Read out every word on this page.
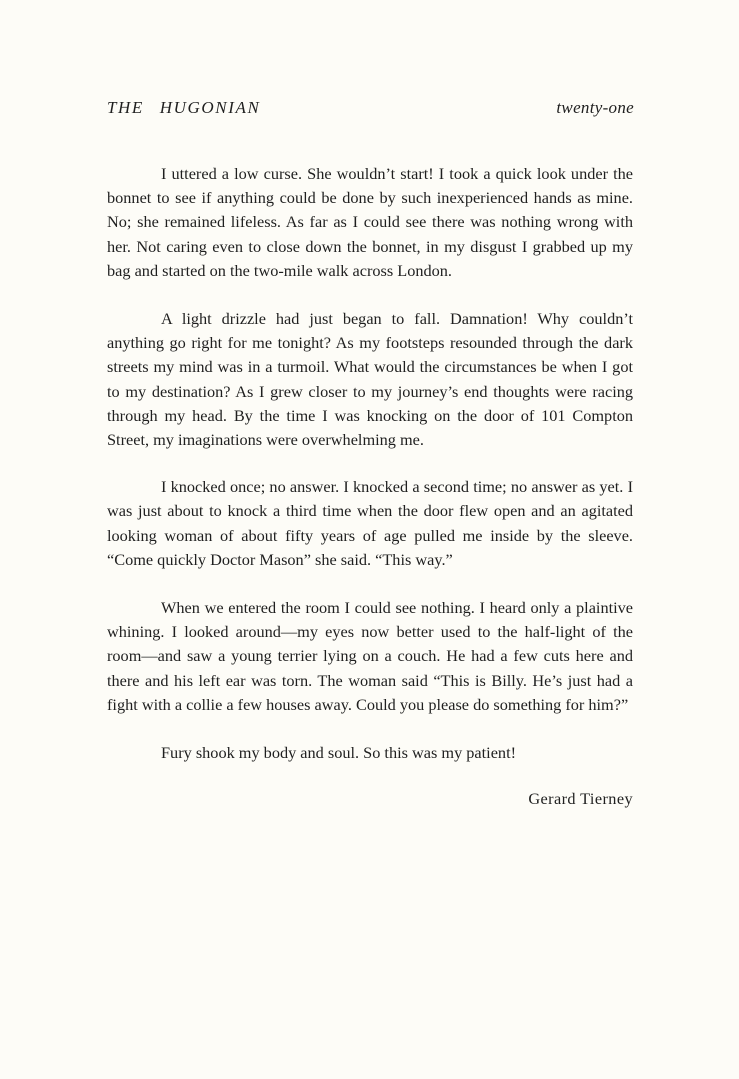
THE HUGONIAN	twenty-one

I uttered a low curse. She wouldn’t start! I took a quick look under the bonnet to see if anything could be done by such inexperienced hands as mine. No; she remained lifeless. As far as I could see there was nothing wrong with her. Not caring even to close down the bonnet, in my disgust I grabbed up my bag and started on the two-mile walk across London.

A light drizzle had just began to fall. Damnation! Why couldn’t anything go right for me tonight? As my footsteps resounded through the dark streets my mind was in a turmoil. What would the circumstances be when I got to my destination? As I grew closer to my journey’s end thoughts were racing through my head. By the time I was knocking on the door of 101 Compton Street, my imaginations were overwhelming me.

I knocked once; no answer. I knocked a second time; no answer as yet. I was just about to knock a third time when the door flew open and an agitated looking woman of about fifty years of age pulled me inside by the sleeve. “Come quickly Doctor Mason” she said. “This way.”

When we entered the room I could see nothing. I heard only a plaintive whining. I looked around—my eyes now better used to the half-light of the room—and saw a young terrier lying on a couch. He had a few cuts here and there and his left ear was torn. The woman said “This is Billy. He’s just had a fight with a collie a few houses away. Could you please do something for him?”

Fury shook my body and soul. So this was my patient!

Gerard Tierney
